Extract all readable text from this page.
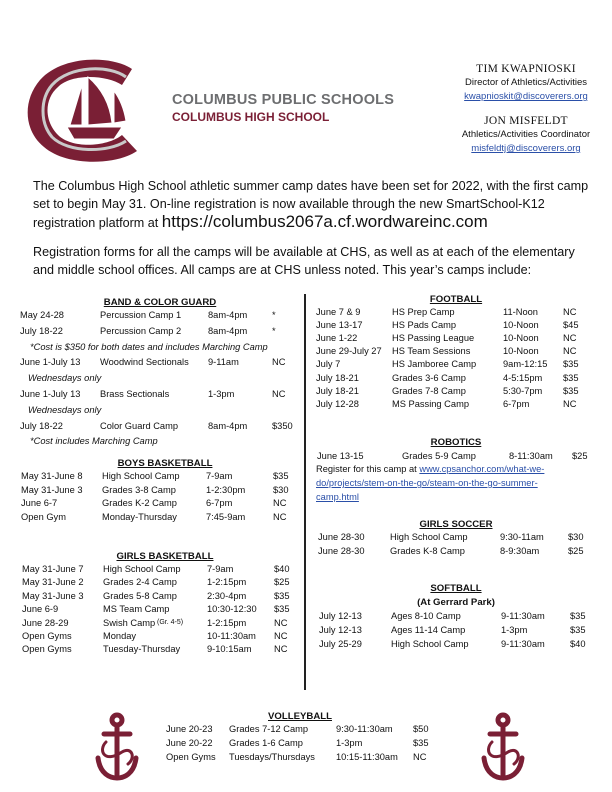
COLUMBUS PUBLIC SCHOOLS
COLUMBUS HIGH SCHOOL
TIM KWAPNIOSKI
Director of Athletics/Activities
kwapnioskit@discoverers.org
JON MISFELDT
Athletics/Activities Coordinator
misfeldtj@discoverers.org
The Columbus High School athletic summer camp dates have been set for 2022, with the first camp set to begin May 31. On-line registration is now available through the new SmartSchool-K12 registration platform at https://columbus2067a.cf.wordwareinc.com
Registration forms for all the camps will be available at CHS, as well as at each of the elementary and middle school offices. All camps are at CHS unless noted. This year’s camps include:
BAND & COLOR GUARD
May 24-28	Percussion Camp 1	8am-4pm	*
July 18-22	Percussion Camp 2	8am-4pm	*
*Cost is $350 for both dates and includes Marching Camp
June 1-July 13 Woodwind Sectionals 9-11am	NC
Wednesdays only
June 1-July 13 Brass Sectionals	1-3pm	NC
Wednesdays only
July 18-22	Color Guard Camp	8am-4pm	$350
*Cost includes Marching Camp
BOYS BASKETBALL
May 31-June 8 High School Camp	7-9am	$35
May 31-June 3 Grades 3-8 Camp	1-2:30pm	$30
June 6-7	Grades K-2 Camp	6-7pm	NC
Open Gym	Monday-Thursday	7:45-9am	NC
GIRLS BASKETBALL
May 31-June 7 High School Camp	7-9am	$40
May 31-June 2 Grades 2-4 Camp	1-2:15pm	$25
May 31-June 3 Grades 5-8 Camp	2:30-4pm	$35
June 6-9	MS Team Camp	10:30-12:30 $35
June 28-29	Swish Camp (Gr. 4-5)	1-2:15pm	NC
Open Gyms	Monday	10-11:30am NC
Open Gyms	Tuesday-Thursday	9-10:15am NC
FOOTBALL
June 7 & 9	HS Prep Camp	11-Noon	NC
June 13-17	HS Pads Camp	10-Noon	$45
June 1-22	HS Passing League	10-Noon	NC
June 29-July 27 HS Team Sessions	10-Noon	NC
July 7	HS Jamboree Camp	9am-12:15 $35
July 18-21	Grades 3-6 Camp	4-5:15pm $35
July 18-21	Grades 7-8 Camp	5:30-7pm $35
July 12-28	MS Passing Camp	6-7pm	NC
ROBOTICS
June 13-15	Grades 5-9 Camp	8-11:30am $25
GIRLS SOCCER
June 28-30	High School Camp	9:30-11am	$30
June 28-30	Grades K-8 Camp	8-9:30am	$25
SOFTBALL
(At Gerrard Park)
July 12-13	Ages 8-10 Camp	9-11:30am	$35
July 12-13	Ages 11-14 Camp	1-3pm	$35
July 25-29	High School Camp	9-11:30am	$40
VOLLEYBALL
June 20-23 Grades 7-12 Camp	9:30-11:30am $50
June 20-22 Grades 1-6 Camp	1-3pm	$35
Open Gyms Tuesdays/Thursdays 10:15-11:30am NC
Register for this camp at www.cpsanchor.com/what-we-
do/projects/stem-on-the-go/steam-on-the-go-summer-
camp.html
